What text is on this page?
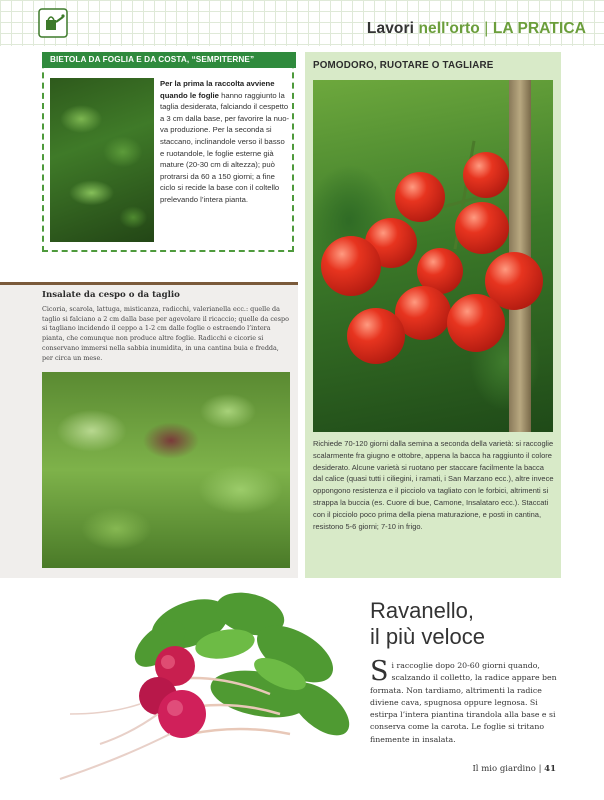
Lavori nell'orto | LA PRATICA
BIETOLA DA FOGLIA E DA COSTA, “SEMPITERNE”
Per la prima la raccolta avviene quando le foglie hanno raggiunto la taglia desiderata, falciando il cespetto a 3 cm dalla base, per favorire la nuova produzione. Per la seconda si staccano, inclinandole verso il basso e ruotandole, le foglie esterne già mature (20-30 cm di altezza); può protrarsi da 60 a 150 giorni; a fine ciclo si recide la base con il coltello prelevando l’intera pianta.
Insalate da cespo o da taglio
Cicoria, scarola, lattuga, misticanza, radicchi, valerianella ecc.: quelle da taglio si falciano a 2 cm dalla base per agevolare il ricaccio; quelle da cespo si tagliano incidendo il ceppo a 1-2 cm dalle foglie o estraendo l’intera pianta, che comunque non produce altre foglie. Radicchi e cicorie si conservano immersi nella sabbia inumidita, in una cantina buia e fredda, per circa un mese.
POMODORO, RUOTARE O TAGLIARE
Richiede 70-120 giorni dalla semina a seconda della varietà: si raccoglie scalarmente fra giugno e ottobre, appena la bacca ha raggiunto il colore desiderato. Alcune varietà si ruotano per staccare facilmente la bacca dal calice (quasi tutti i ciliegini, i ramati, i San Marzano ecc.), altre invece oppongono resistenza e il picciolo va tagliato con le forbici, altrimenti si strappa la buccia (es. Cuore di bue, Camone, Insalataro ecc.). Staccati con il picciolo poco prima della piena maturazione, e posti in cantina, resistono 5-6 giorni; 7-10 in frigo.
Ravanello,
il più veloce
Si raccoglie dopo 20-60 giorni quando, scalzando il colletto, la radice appare ben formata. Non tardiamo, altrimenti la radice diviene cava, spugnosa oppure legnosa. Si estirpa l’intera piantina tirandola alla base e si conserva come la carota. Le foglie si tritano finemente in insalata.
Il mio giardino | 41
